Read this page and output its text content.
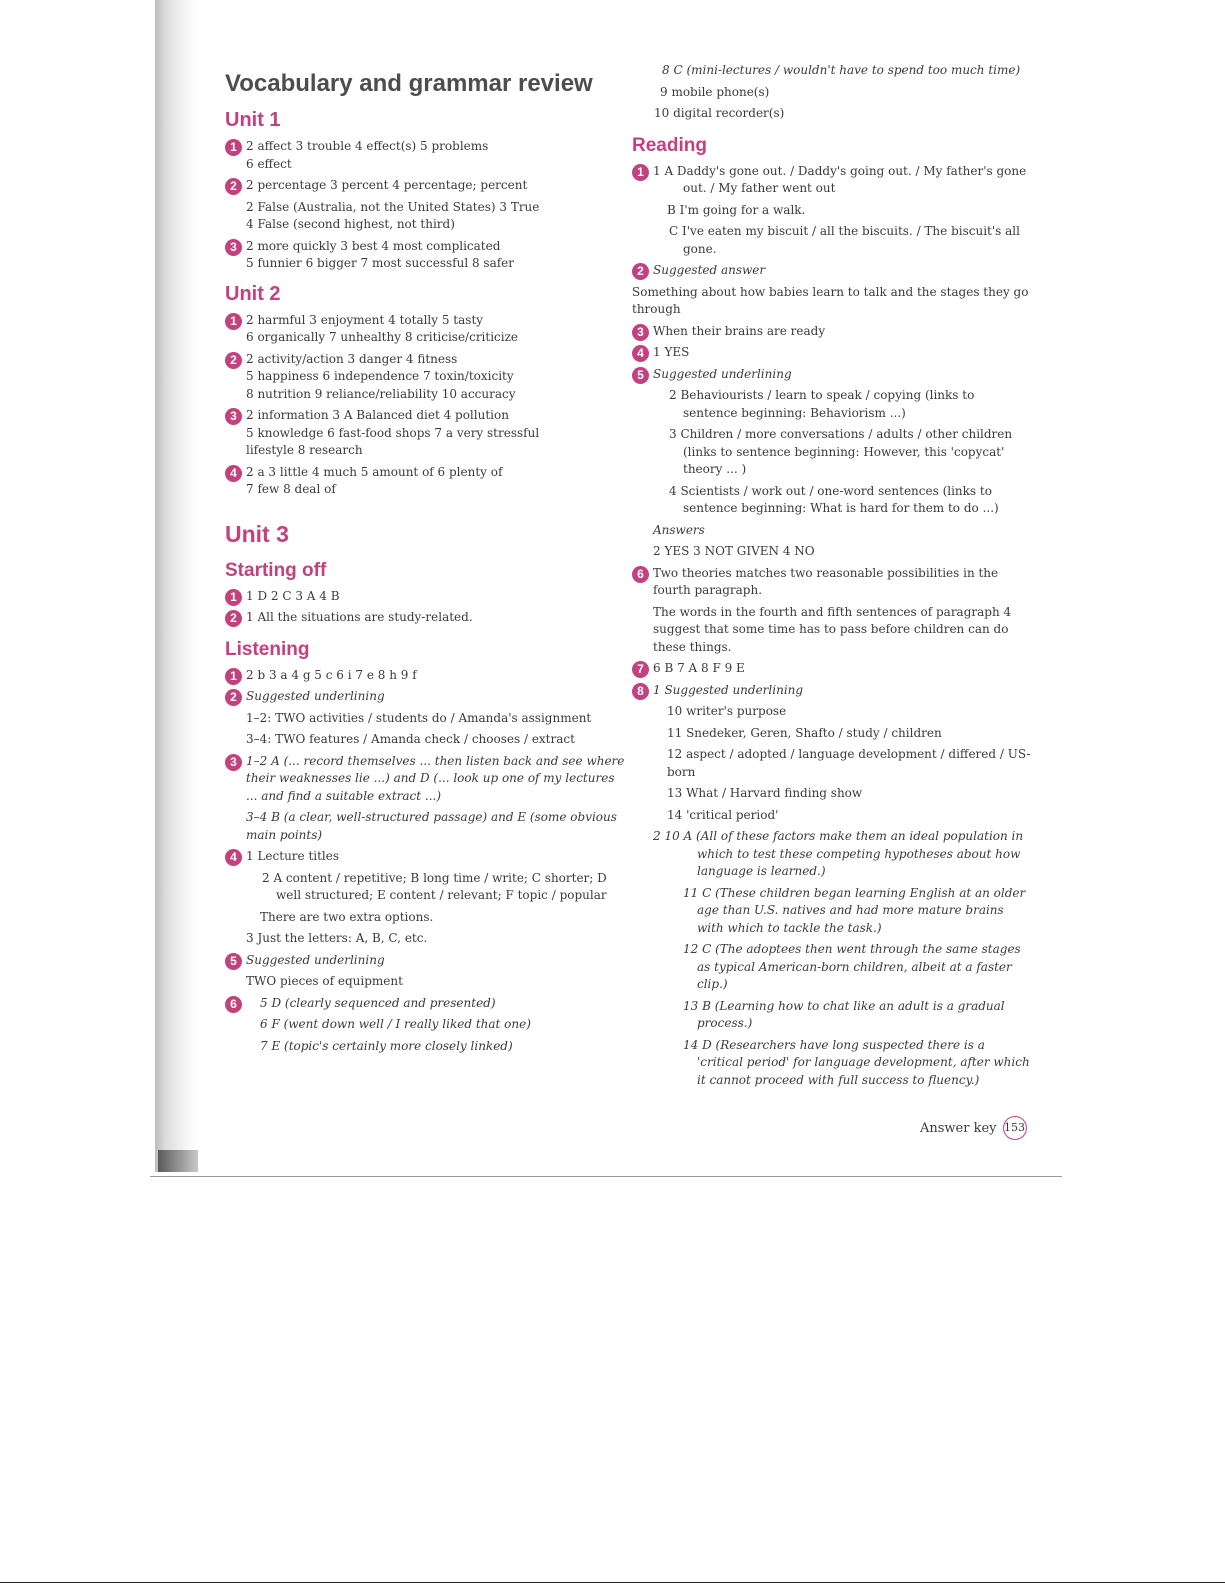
Vocabulary and grammar review
Unit 1
1 2 affect 3 trouble 4 effect(s) 5 problems
6 effect
2 2 percentage 3 percent 4 percentage; percent
2 False (Australia, not the United States) 3 True
4 False (second highest, not third)
3 2 more quickly 3 best 4 most complicated
5 funnier 6 bigger 7 most successful 8 safer
Unit 2
1 2 harmful 3 enjoyment 4 totally 5 tasty
6 organically 7 unhealthy 8 criticise/criticize
2 2 activity/action 3 danger 4 fitness
5 happiness 6 independence 7 toxin/toxicity
8 nutrition 9 reliance/reliability 10 accuracy
3 2 information 3 A Balanced diet 4 pollution
5 knowledge 6 fast-food shops 7 a very stressful
lifestyle 8 research
4 2 a 3 little 4 much 5 amount of 6 plenty of
7 few 8 deal of
Unit 3
Starting off
1 1 D 2 C 3 A 4 B
2 1 All the situations are study-related.
Listening
1 2 b 3 a 4 g 5 c 6 i 7 e 8 h 9 f
2 Suggested underlining
1–2: TWO activities / students do / Amanda's assignment
3–4: TWO features / Amanda check / chooses / extract
3 1–2 A (... record themselves ... then listen back and see where their weaknesses lie ...) and D (... look up one of my lectures ... and find a suitable extract ...)
3–4 B (a clear, well-structured passage) and E (some obvious main points)
4 1 Lecture titles
2 A content / repetitive; B long time / write; C shorter; D well structured; E content / relevant; F topic / popular
There are two extra options.
3 Just the letters: A, B, C, etc.
5 Suggested underlining
TWO pieces of equipment
6	5 D (clearly sequenced and presented)
6 F (went down well / I really liked that one)
7 E (topic's certainly more closely linked)
8 C (mini-lectures / wouldn't have to spend too much time)
9 mobile phone(s)
10 digital recorder(s)
Reading
1 1 A Daddy's gone out. / Daddy's going out. / My father's gone out. / My father went out
B I'm going for a walk.
C I've eaten my biscuit / all the biscuits. / The biscuit's all gone.
2 Suggested answer
Something about how babies learn to talk and the stages they go through
3 When their brains are ready
4 1 YES
5 Suggested underlining
2 Behaviourists / learn to speak / copying (links to sentence beginning: Behaviorism ...)
3 Children / more conversations / adults / other children (links to sentence beginning: However, this 'copycat' theory ... )
4 Scientists / work out / one-word sentences (links to sentence beginning: What is hard for them to do ...)
Answers
2 YES 3 NOT GIVEN 4 NO
6 Two theories matches two reasonable possibilities in the fourth paragraph.
The words in the fourth and fifth sentences of paragraph 4 suggest that some time has to pass before children can do these things.
7 6 B 7 A 8 F 9 E
8 1 Suggested underlining
10 writer's purpose
11 Snedeker, Geren, Shafto / study / children
12 aspect / adopted / language development / differed / US-born
13 What / Harvard finding show
14 'critical period'
2 10 A (All of these factors make them an ideal population in which to test these competing hypotheses about how language is learned.)
11 C (These children began learning English at an older age than U.S. natives and had more mature brains with which to tackle the task.)
12 C (The adoptees then went through the same stages as typical American-born children, albeit at a faster clip.)
13 B (Learning how to chat like an adult is a gradual process.)
14 D (Researchers have long suspected there is a 'critical period' for language development, after which it cannot proceed with full success to fluency.)
Answer key 153
